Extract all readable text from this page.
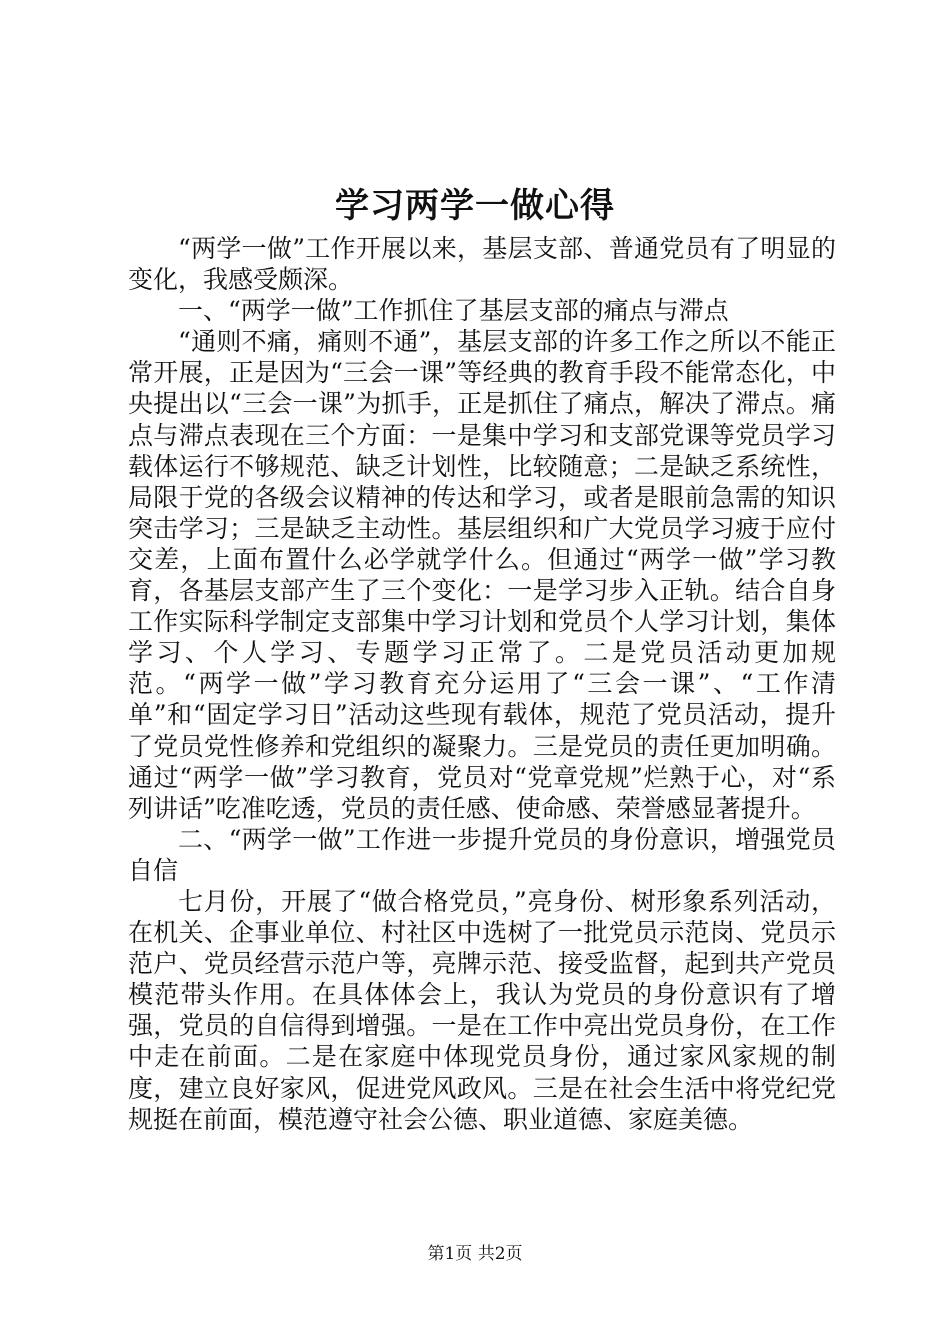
学习两学一做心得

“两学一做”工作开展以来，基层支部、普通党员有了明显的变化，我感受颇深。

一、“两学一做”工作抓住了基层支部的痛点与滞点

“通则不痛，痛则不通”，基层支部的许多工作之所以不能正常开展，正是因为“三会一课”等经典的教育手段不能常态化，中央提出以“三会一课”为抓手，正是抓住了痛点，解决了滞点。痛点与滞点表现在三个方面：一是集中学习和支部党课等党员学习载体运行不够规范、缺乏计划性，比较随意；二是缺乏系统性，局限于党的各级会议精神的传达和学习，或者是眼前急需的知识突击学习；三是缺乏主动性。基层组织和广大党员学习疲于应付交差，上面布置什么必学就学什么。但通过“两学一做”学习教育，各基层支部产生了三个变化：一是学习步入正轨。结合自身工作实际科学制定支部集中学习计划和党员个人学习计划，集体学习、个人学习、专题学习正常了。二是党员活动更加规范。“两学一做”学习教育充分运用了“三会一课”、“工作清单”和“固定学习日”活动这些现有载体，规范了党员活动，提升了党员党性修养和党组织的凝聚力。三是党员的责任更加明确。通过“两学一做”学习教育，党员对“党章党规”烂熟于心，对“系列讲话”吃准吃透，党员的责任感、使命感、荣誉感显著提升。

二、“两学一做”工作进一步提升党员的身份意识，增强党员自信

七月份，开展了“做合格党员，”亮身份、树形象系列活动，在机关、企事业单位、村社区中选树了一批党员示范岗、党员示范户、党员经营示范户等，亮牌示范、接受监督，起到共产党员模范带头作用。在具体体会上，我认为党员的身份意识有了增强，党员的自信得到增强。一是在工作中亮出党员身份，在工作中走在前面。二是在家庭中体现党员身份，通过家风家规的制度，建立良好家风，促进党风政风。三是在社会生活中将党纪党规挺在前面，模范遵守社会公德、职业道德、家庭美德。

第1页 共2页
